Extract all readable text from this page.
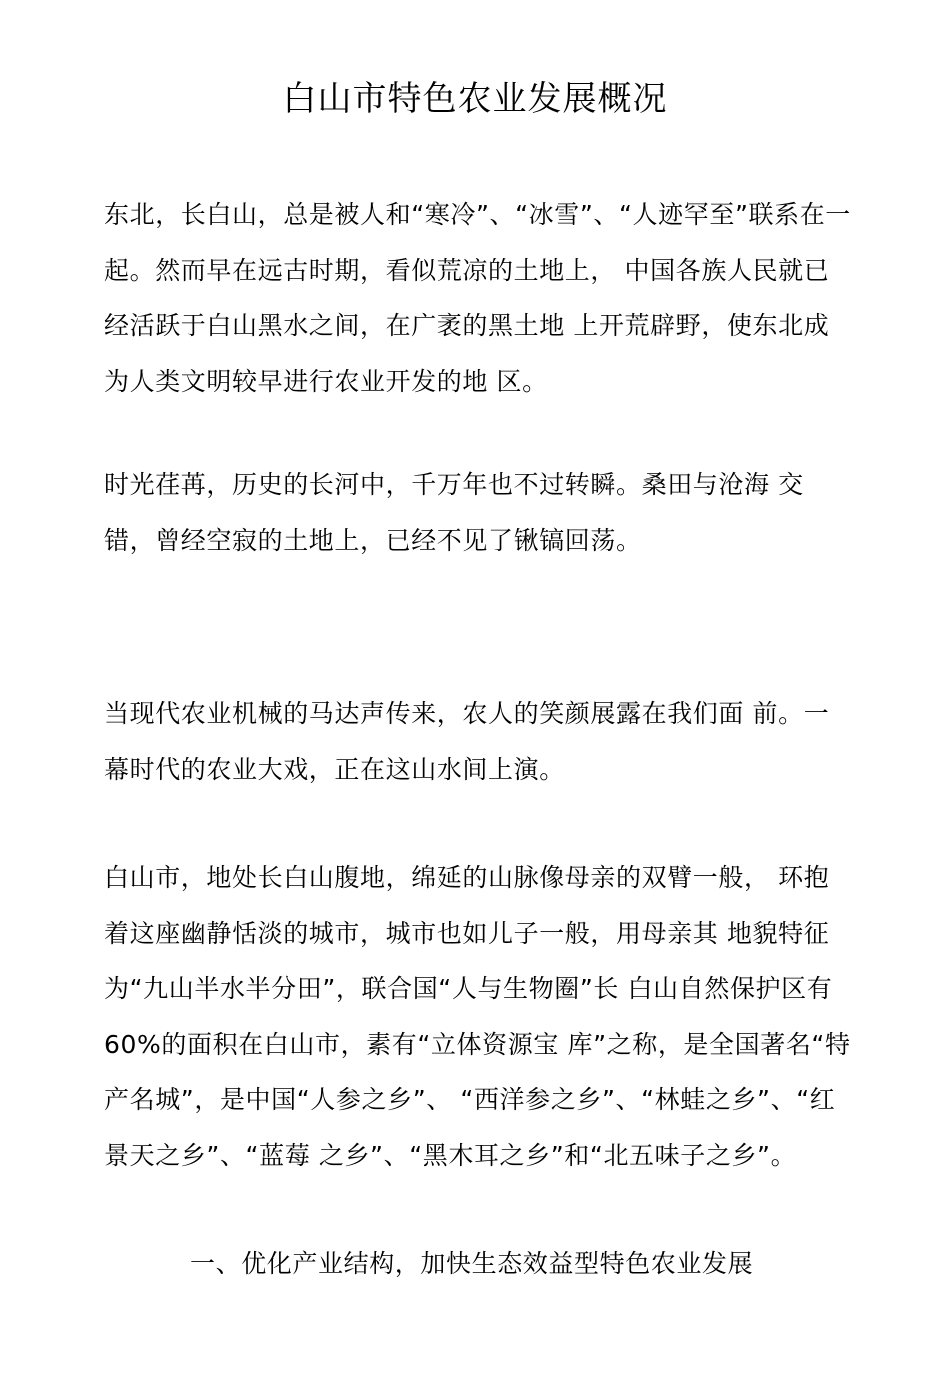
白山市特色农业发展概况

东北，长白山，总是被人和“寒冷”、“冰雪”、“人迹罕至”联系在一起。然而早在远古时期，看似荒凉的土地上， 中国各族人民就已经活跃于白山黑水之间，在广袤的黑土地 上开荒辟野，使东北成为人类文明较早进行农业开发的地 区。

时光荏苒，历史的长河中，千万年也不过转瞬。桑田与沧海 交错，曾经空寂的土地上，已经不见了锹镐回荡。

当现代农业机械的马达声传来，农人的笑颜展露在我们面 前。一幕时代的农业大戏，正在这山水间上演。

白山市，地处长白山腹地，绵延的山脉像母亲的双臂一般， 环抱着这座幽静恬淡的城市，城市也如儿子一般，用母亲其 地貌特征为“九山半水半分田”，联合国“人与生物圈”长 白山自然保护区有 60%的面积在白山市，素有“立体资源宝 库”之称，是全国著名“特产名城”，是中国“人参之乡”、 “西洋参之乡”、“林蛙之乡”、“红景天之乡”、“蓝莓 之乡”、“黑木耳之乡”和“北五味子之乡”。

一、优化产业结构，加快生态效益型特色农业发展
